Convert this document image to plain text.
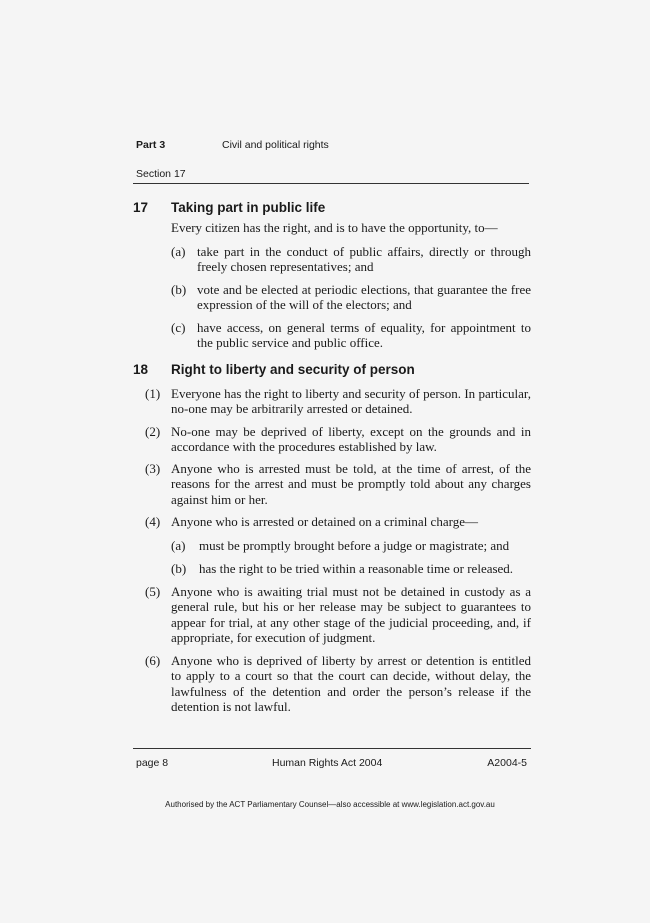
Part 3	Civil and political rights
Section 17
17 Taking part in public life
Every citizen has the right, and is to have the opportunity, to—
(a) take part in the conduct of public affairs, directly or through freely chosen representatives; and
(b) vote and be elected at periodic elections, that guarantee the free expression of the will of the electors; and
(c) have access, on general terms of equality, for appointment to the public service and public office.
18 Right to liberty and security of person
(1) Everyone has the right to liberty and security of person. In particular, no-one may be arbitrarily arrested or detained.
(2) No-one may be deprived of liberty, except on the grounds and in accordance with the procedures established by law.
(3) Anyone who is arrested must be told, at the time of arrest, of the reasons for the arrest and must be promptly told about any charges against him or her.
(4) Anyone who is arrested or detained on a criminal charge—
(a) must be promptly brought before a judge or magistrate; and
(b) has the right to be tried within a reasonable time or released.
(5) Anyone who is awaiting trial must not be detained in custody as a general rule, but his or her release may be subject to guarantees to appear for trial, at any other stage of the judicial proceeding, and, if appropriate, for execution of judgment.
(6) Anyone who is deprived of liberty by arrest or detention is entitled to apply to a court so that the court can decide, without delay, the lawfulness of the detention and order the person’s release if the detention is not lawful.
page 8	Human Rights Act 2004	A2004-5
Authorised by the ACT Parliamentary Counsel—also accessible at www.legislation.act.gov.au
